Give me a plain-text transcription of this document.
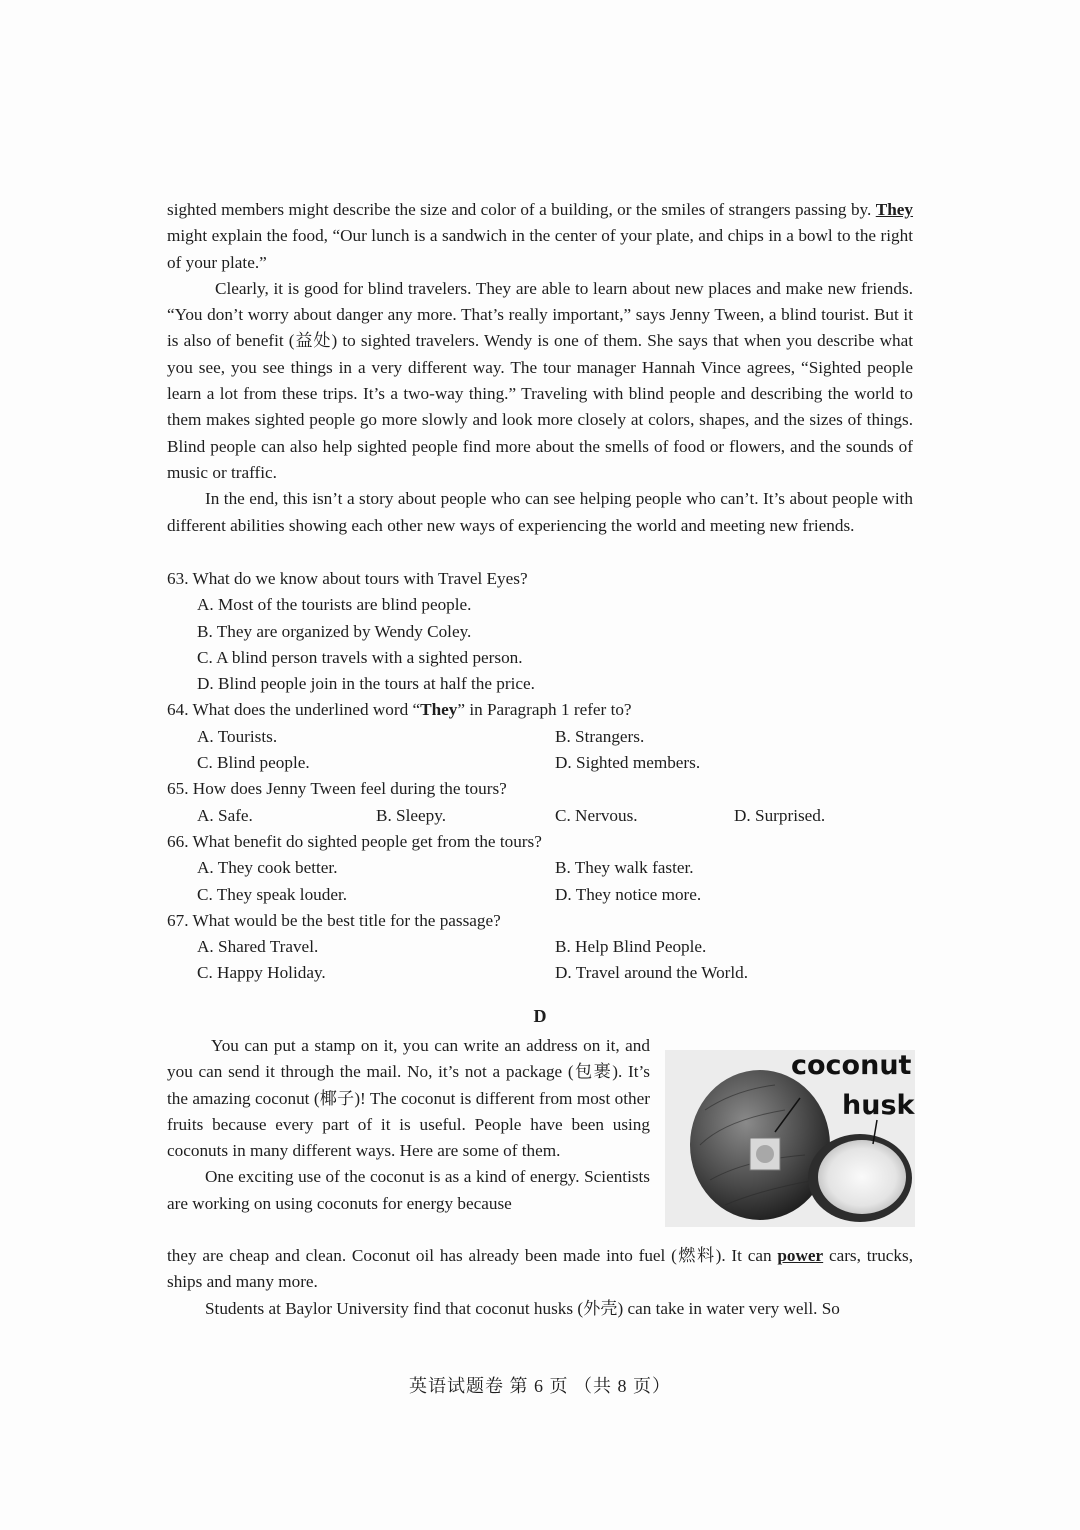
sighted members might describe the size and color of a building, or the smiles of strangers passing by. They might explain the food, “Our lunch is a sandwich in the center of your plate, and chips in a bowl to the right of your plate.”

Clearly, it is good for blind travelers. They are able to learn about new places and make new friends. “You don’t worry about danger any more. That’s really important,” says Jenny Tween, a blind tourist. But it is also of benefit (益处) to sighted travelers. Wendy is one of them. She says that when you describe what you see, you see things in a very different way. The tour manager Hannah Vince agrees, “Sighted people learn a lot from these trips. It’s a two-way thing.” Traveling with blind people and describing the world to them makes sighted people go more slowly and look more closely at colors, shapes, and the sizes of things. Blind people can also help sighted people find more about the smells of food or flowers, and the sounds of music or traffic.

In the end, this isn’t a story about people who can see helping people who can’t. It’s about people with different abilities showing each other new ways of experiencing the world and meeting new friends.

63. What do we know about tours with Travel Eyes?

A. Most of the tourists are blind people.
B. They are organized by Wendy Coley.
C. A blind person travels with a sighted person.
D. Blind people join in the tours at half the price.

64. What does the underlined word “They” in Paragraph 1 refer to?

A. Tourists.	B. Strangers.
C. Blind people.	D. Sighted members.

65. How does Jenny Tween feel during the tours?

A. Safe.	B. Sleepy.	C. Nervous.	D. Surprised.

66. What benefit do sighted people get from the tours?

A. They cook better.	B. They walk faster.
C. They speak louder.	D. They notice more.

67. What would be the best title for the passage?

A. Shared Travel.	B. Help Blind People.
C. Happy Holiday.	D. Travel around the World.
D

You can put a stamp on it, you can write an address on it, and you can send it through the mail. No, it’s not a package (包裹). It’s the amazing coconut (椰子)! The coconut is different from most other fruits because every part of it is useful. People have been using coconuts in many different ways. Here are some of them.

One exciting use of the coconut is as a kind of energy. Scientists are working on using coconuts for energy because

coconut
husk

they are cheap and clean. Coconut oil has already been made into fuel (燃料). It can power cars, trucks, ships and many more.

Students at Baylor University find that coconut husks (外壳) can take in water very well. So

英语试题卷 第 6 页 （共 8 页）
